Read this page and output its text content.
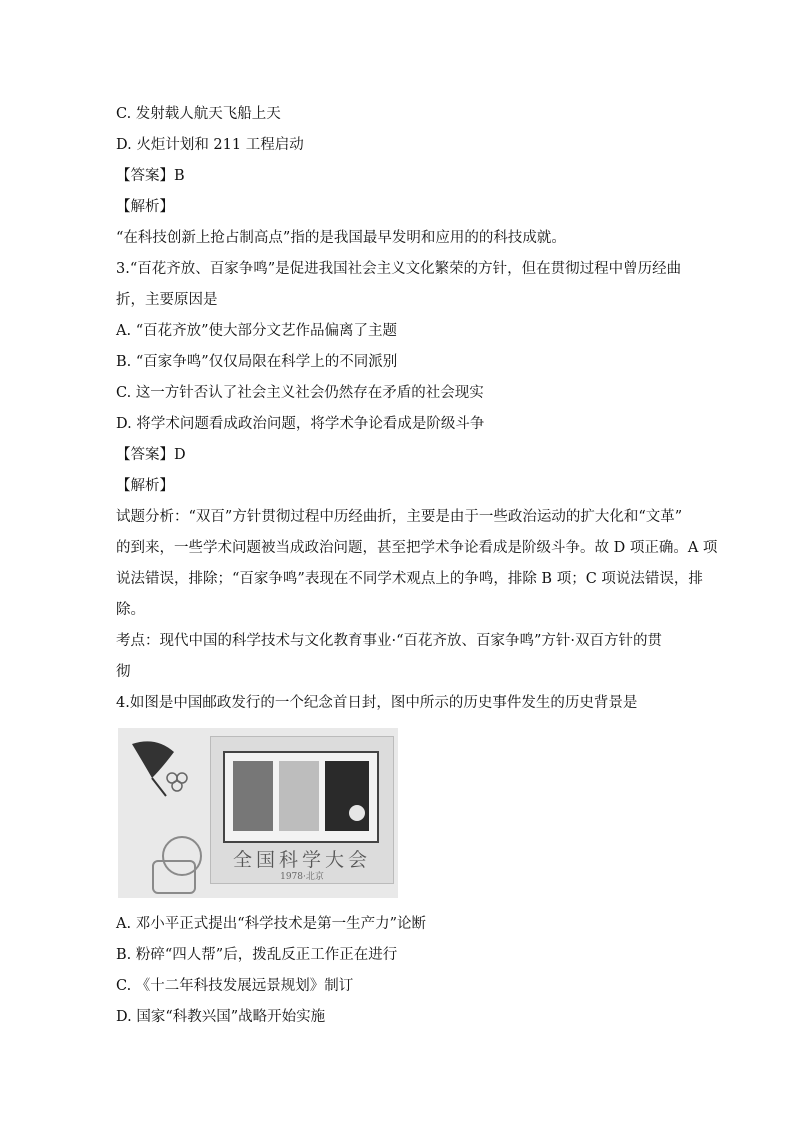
C. 发射载人航天飞船上天
D. 火炬计划和 211 工程启动
【答案】B
【解析】
“在科技创新上抢占制高点”指的是我国最早发明和应用的的科技成就。
3.“百花齐放、百家争鸣”是促进我国社会主义文化繁荣的方针，但在贯彻过程中曾历经曲
折，主要原因是
A. “百花齐放”使大部分文艺作品偏离了主题
B. “百家争鸣”仅仅局限在科学上的不同派别
C. 这一方针否认了社会主义社会仍然存在矛盾的社会现实
D. 将学术问题看成政治问题，将学术争论看成是阶级斗争
【答案】D
【解析】
试题分析：“双百”方针贯彻过程中历经曲折，主要是由于一些政治运动的扩大化和“文革”
的到来，一些学术问题被当成政治问题，甚至把学术争论看成是阶级斗争。故 D 项正确。A 项
说法错误，排除；“百家争鸣”表现在不同学术观点上的争鸣，排除 B 项；C 项说法错误，排
除。
考点：现代中国的科学技术与文化教育事业·“百花齐放、百家争鸣”方针·双百方针的贯
彻
4.如图是中国邮政发行的一个纪念首日封，图中所示的历史事件发生的历史背景是
全国科学大会
1978·北京
A. 邓小平正式提出“科学技术是第一生产力”论断
B. 粉碎“四人帮”后，拨乱反正工作正在进行
C. 《十二年科技发展远景规划》制订
D. 国家“科教兴国”战略开始实施
